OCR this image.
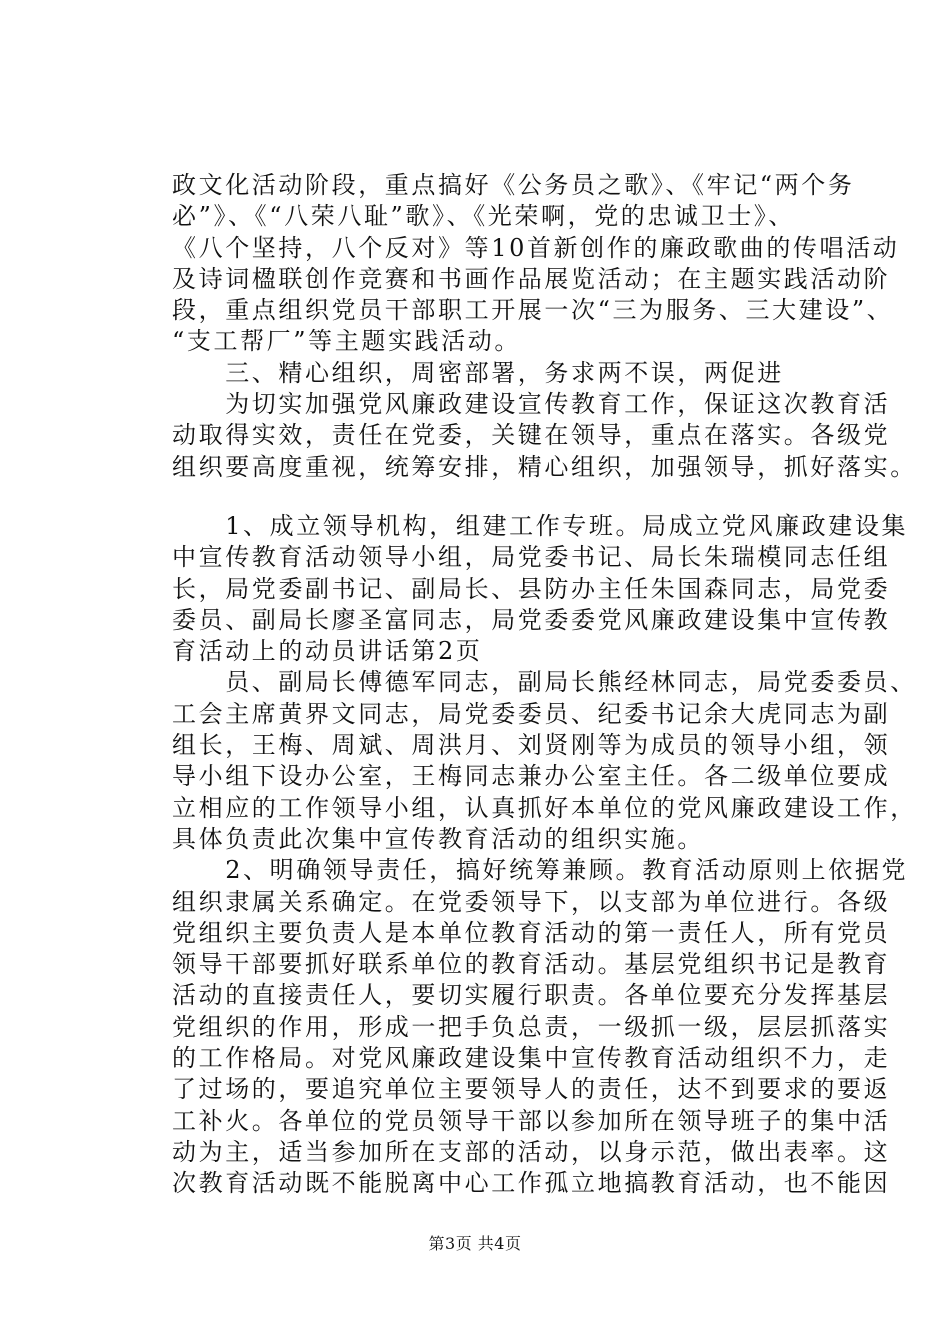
政文化活动阶段，重点搞好《公务员之歌》、《牢记“两个务
必”》、《“八荣八耻”歌》、《光荣啊，党的忠诚卫士》、
《八个坚持，八个反对》等10首新创作的廉政歌曲的传唱活动
及诗词楹联创作竞赛和书画作品展览活动；在主题实践活动阶
段，重点组织党员干部职工开展一次“三为服务、三大建设”、
“支工帮厂”等主题实践活动。
　　三、精心组织，周密部署，务求两不误，两促进
　　为切实加强党风廉政建设宣传教育工作，保证这次教育活
动取得实效，责任在党委，关键在领导，重点在落实。各级党
组织要高度重视，统筹安排，精心组织，加强领导，抓好落实。
　　1、成立领导机构，组建工作专班。局成立党风廉政建设集
中宣传教育活动领导小组，局党委书记、局长朱瑞模同志任组
长，局党委副书记、副局长、县防办主任朱国森同志，局党委
委员、副局长廖圣富同志，局党委委党风廉政建设集中宣传教
育活动上的动员讲话第2页
　　员、副局长傅德军同志，副局长熊经林同志，局党委委员、
工会主席黄界文同志，局党委委员、纪委书记余大虎同志为副
组长，王梅、周斌、周洪月、刘贤刚等为成员的领导小组，领
导小组下设办公室，王梅同志兼办公室主任。各二级单位要成
立相应的工作领导小组，认真抓好本单位的党风廉政建设工作，
具体负责此次集中宣传教育活动的组织实施。
　　2、明确领导责任，搞好统筹兼顾。教育活动原则上依据党
组织隶属关系确定。在党委领导下，以支部为单位进行。各级
党组织主要负责人是本单位教育活动的第一责任人，所有党员
领导干部要抓好联系单位的教育活动。基层党组织书记是教育
活动的直接责任人，要切实履行职责。各单位要充分发挥基层
党组织的作用，形成一把手负总责，一级抓一级，层层抓落实
的工作格局。对党风廉政建设集中宣传教育活动组织不力，走
了过场的，要追究单位主要领导人的责任，达不到要求的要返
工补火。各单位的党员领导干部以参加所在领导班子的集中活
动为主，适当参加所在支部的活动，以身示范，做出表率。这
次教育活动既不能脱离中心工作孤立地搞教育活动，也不能因
第3页 共4页
